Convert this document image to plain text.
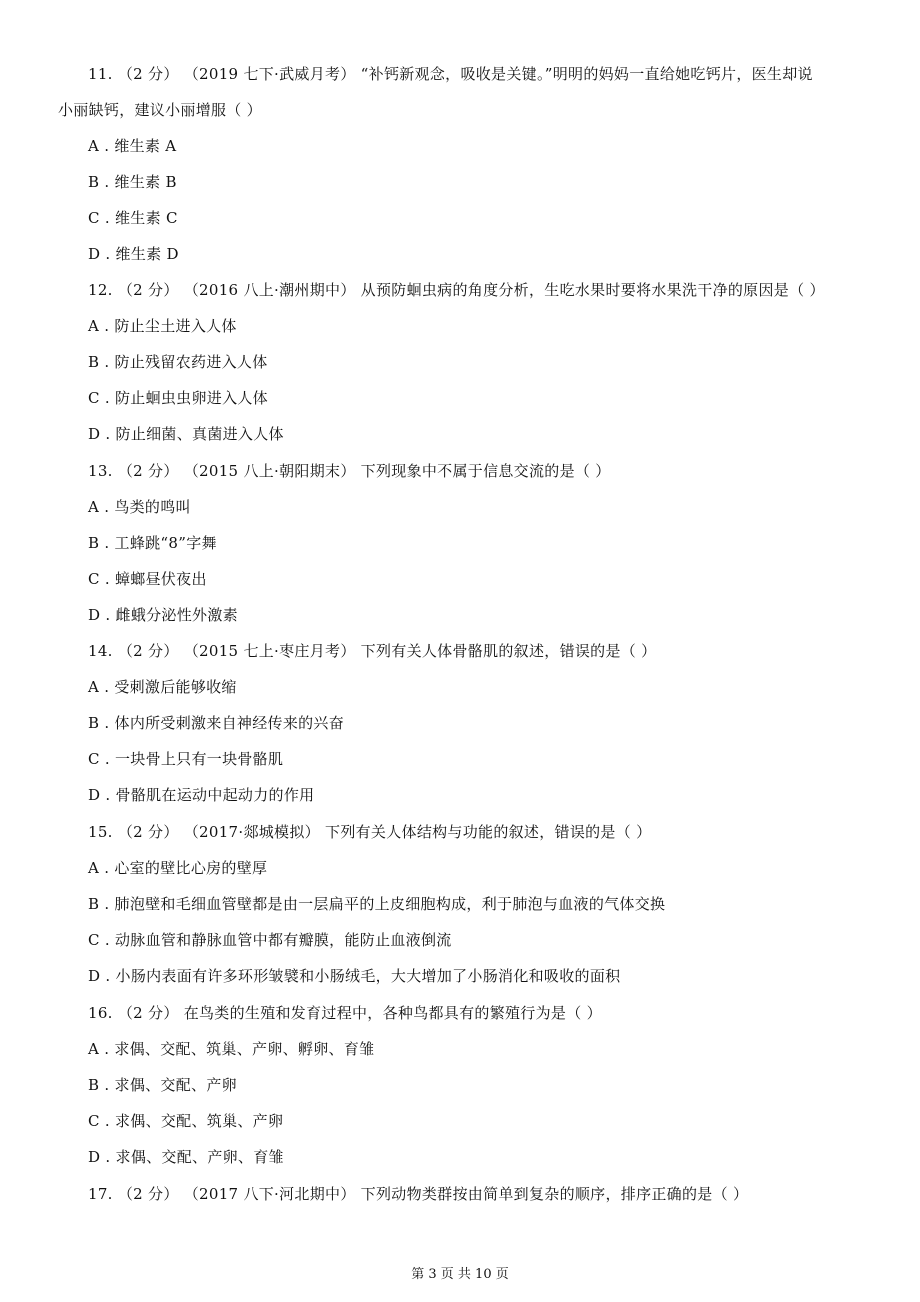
11. （2 分） （2019 七下·武威月考） “补钙新观念，吸收是关键。”明明的妈妈一直给她吃钙片，医生却说
小丽缺钙，建议小丽增服（ ）
A . 维生素 A
B . 维生素 B
C . 维生素 C
D . 维生素 D
12. （2 分） （2016 八上·潮州期中） 从预防蛔虫病的角度分析，生吃水果时要将水果洗干净的原因是（ ）
A . 防止尘土进入人体
B . 防止残留农药进入人体
C . 防止蛔虫虫卵进入人体
D . 防止细菌、真菌进入人体
13. （2 分） （2015 八上·朝阳期末） 下列现象中不属于信息交流的是（ ）
A . 鸟类的鸣叫
B . 工蜂跳“8”字舞
C . 蟑螂昼伏夜出
D . 雌蛾分泌性外激素
14. （2 分） （2015 七上·枣庄月考） 下列有关人体骨骼肌的叙述，错误的是（ ）
A . 受刺激后能够收缩
B . 体内所受刺激来自神经传来的兴奋
C . 一块骨上只有一块骨骼肌
D . 骨骼肌在运动中起动力的作用
15. （2 分） （2017·郯城模拟） 下列有关人体结构与功能的叙述，错误的是（ ）
A . 心室的壁比心房的壁厚
B . 肺泡壁和毛细血管壁都是由一层扁平的上皮细胞构成，利于肺泡与血液的气体交换
C . 动脉血管和静脉血管中都有瓣膜，能防止血液倒流
D . 小肠内表面有许多环形皱襞和小肠绒毛，大大增加了小肠消化和吸收的面积
16. （2 分） 在鸟类的生殖和发育过程中，各种鸟都具有的繁殖行为是（ ）
A . 求偶、交配、筑巢、产卵、孵卵、育雏
B . 求偶、交配、产卵
C . 求偶、交配、筑巢、产卵
D . 求偶、交配、产卵、育雏
17. （2 分） （2017 八下·河北期中） 下列动物类群按由简单到复杂的顺序，排序正确的是（ ）
第 3 页 共 10 页
